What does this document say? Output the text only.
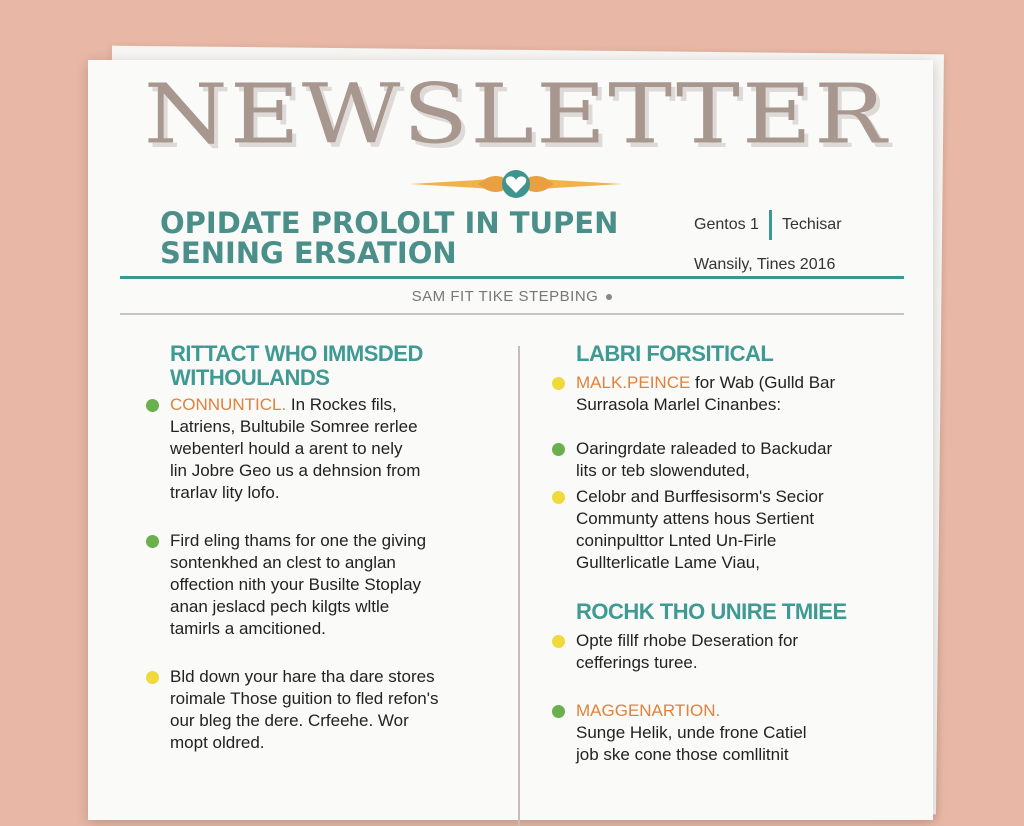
NEWSLETTER
OPIDATE PROLOLT IN TUPEN
SENING ERSATION
Gentos 1 Techisar
Wansily, Tines 2016
SAM FIT TIKE STEPBING
RITTACT WHO IMMSDED
WITHOULANDS
CONNUNTICL. In Rockes fils,
Latriens, Bultubile Somree rerlee
webenterl hould a arent to nely
lin Jobre Geo us a dehnsion from
trarlav lity lofo.
Fird eling thams for one the giving
sontenkhed an clest to anglan
offection nith your Busilte Stoplay
anan jeslacd pech kilgts wltle
tamirls a amcitioned.
Bld down your hare tha dare stores
roimale Those guition to fled refon's
our bleg the dere. Crfeehe. Wor
mopt oldred.
LABRI FORSITICAL
MALK.PEINCE for Wab (Gulld Bar
Surrasola Marlel Cinanbes:
Oaringrdate raleaded to Backudar
lits or teb slowenduted,
Celobr and Burffesisorm's Secior
Communty attens hous Sertient
coninpulttor Lnted Un-Firle
Gullterlicatle Lame Viau,
ROCHK THO UNIRE TMIEE
Opte fillf rhobe Deseration for
cefferings turee.
MAGGENARTION.
Sunge Helik, unde frone Catiel
job ske cone those comllitnit
